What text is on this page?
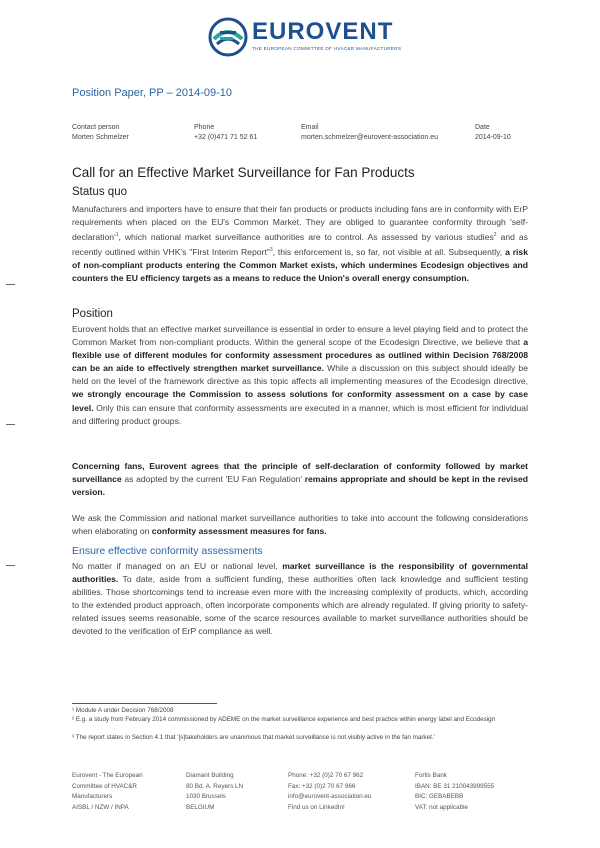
EUROVENT
THE EUROPEAN COMMITTEE OF HVAC&R MANUFACTURERS
Position Paper, PP – 2014-09-10
Contact person
Morten Schmelzer
Phone
+32 (0)471 71 52 61
Email
morten.schmelzer@eurovent-association.eu
Date
2014-09-10
Call for an Effective Market Surveillance for Fan Products
Status quo
Manufacturers and importers have to ensure that their fan products or products including fans are in conformity with ErP requirements when placed on the EU's Common Market. They are obliged to guarantee conformity through '$self-declaration'^1$, which national market surveillance authorities are to control. As assessed by various studies$^2$ and as recently outlined within VHK's "First Interim Report"$^3$, this enforcement is, so far, not visible at all. Subsequently, a risk of non-compliant products entering the Common Market exists, which undermines Ecodesign objectives and counters the EU efficiency targets as a means to reduce the Union's overall energy consumption.
Position
Eurovent holds that an effective market surveillance is essential in order to ensure a level playing field and to protect the Common Market from non-compliant products. Within the general scope of the Ecodesign Directive, we believe that a flexible use of different modules for conformity assessment procedures as outlined within Decision 768/2008 can be an aide to effectively strengthen market surveillance. While a discussion on this subject should ideally be held on the level of the framework directive as this topic affects all implementing measures of the Ecodesign directive, we strongly encourage the Commission to assess solutions for conformity assessment on a case by case level. Only this can ensure that conformity assessments are executed in a manner, which is most efficient for individual and differing product groups.
Concerning fans, Eurovent agrees that the principle of self-declaration of conformity followed by market surveillance as adopted by the current 'EU Fan Regulation' remains appropriate and should be kept in the revised version.
We ask the Commission and national market surveillance authorities to take into account the following considerations when elaborating on conformity assessment measures for fans.
Ensure effective conformity assessments
No matter if managed on an EU or national level, market surveillance is the responsibility of governmental authorities. To date, aside from a sufficient funding, these authorities often lack knowledge and sufficient testing abilities. Those shortcomings tend to increase even more with the increasing complexity of products, which, according to the extended product approach, often incorporate components which are already regulated. If giving priority to safety-related issues seems reasonable, some of the scarce resources available to market surveillance authorities should be devoted to the verification of ErP compliance as well.
¹ Module A under Decision 768/2008
² E.g. a study from February 2014 commissioned by ADEME on the market surveillance experience and best practice within energy label and Ecodesign
³ The report states in Section 4.1 that '[s]takeholders are unanimous that market surveillance is not visibly active in the fan market.'
Eurovent - The European
Committee of HVAC&R
Manufacturers
AISBL / NZW / INPA
Diamant Building
80 Bd. A. Reyers LN
1030 Brussels
BELGIUM
Phone: +32 (0)2 70 67 962
Fax: +32 (0)2 70 67 966
info@eurovent-association.eu
Find us on LinkedIn!
Fortis Bank
IBAN: BE 31 210043999555
BIC: GEBABEBB
VAT: not applicable
